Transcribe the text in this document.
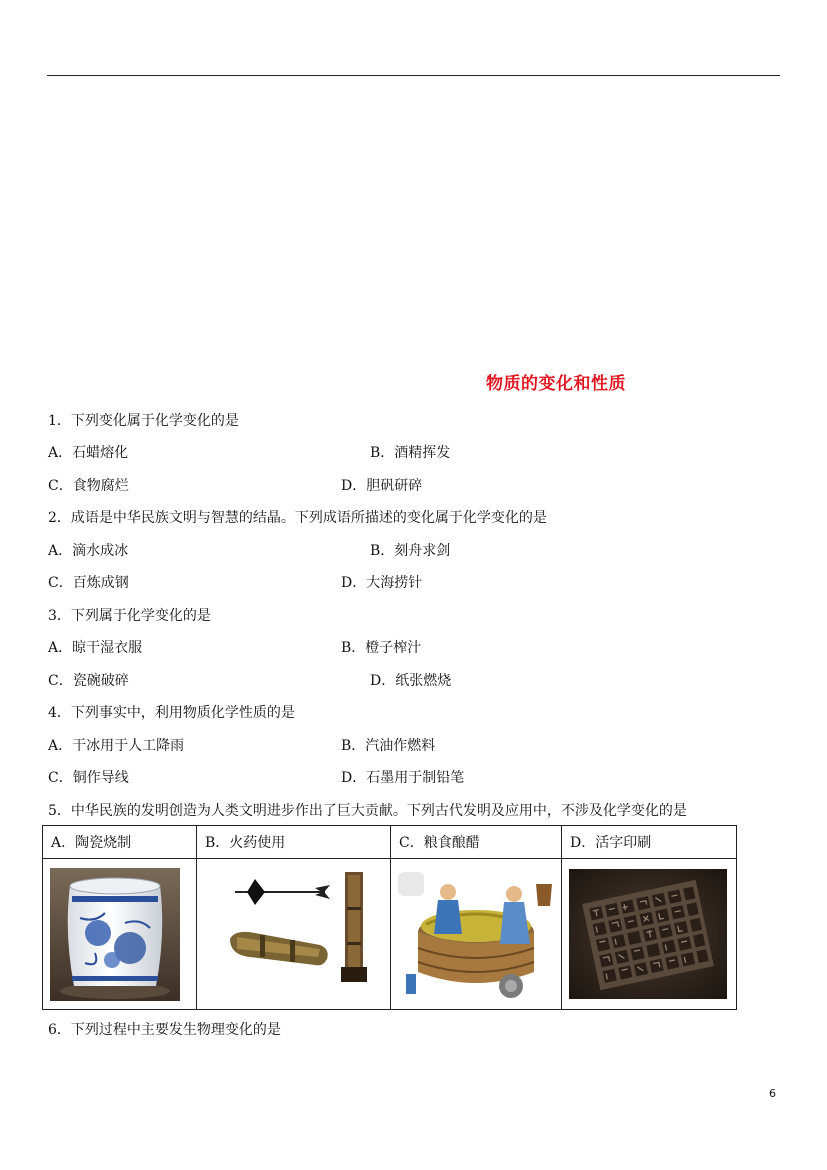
物质的变化和性质
1．下列变化属于化学变化的是
A．石蜡熔化	B．酒精挥发
C．食物腐烂	D．胆矾研碎
2．成语是中华民族文明与智慧的结晶。下列成语所描述的变化属于化学变化的是
A．滴水成冰	B．刻舟求剑
C．百炼成钢	D．大海捞针
3．下列属于化学变化的是
A．晾干湿衣服	B．橙子榨汁
C．瓷碗破碎	D．纸张燃烧
4．下列事实中，利用物质化学性质的是
A．干冰用于人工降雨	B．汽油作燃料
C．铜作导线	D．石墨用于制铅笔
5．中华民族的发明创造为人类文明进步作出了巨大贡献。下列古代发明及应用中，不涉及化学变化的是
A．陶瓷烧制	B．火药使用	C．粮食酿醋	D．活字印刷

6．下列过程中主要发生物理变化的是
6
